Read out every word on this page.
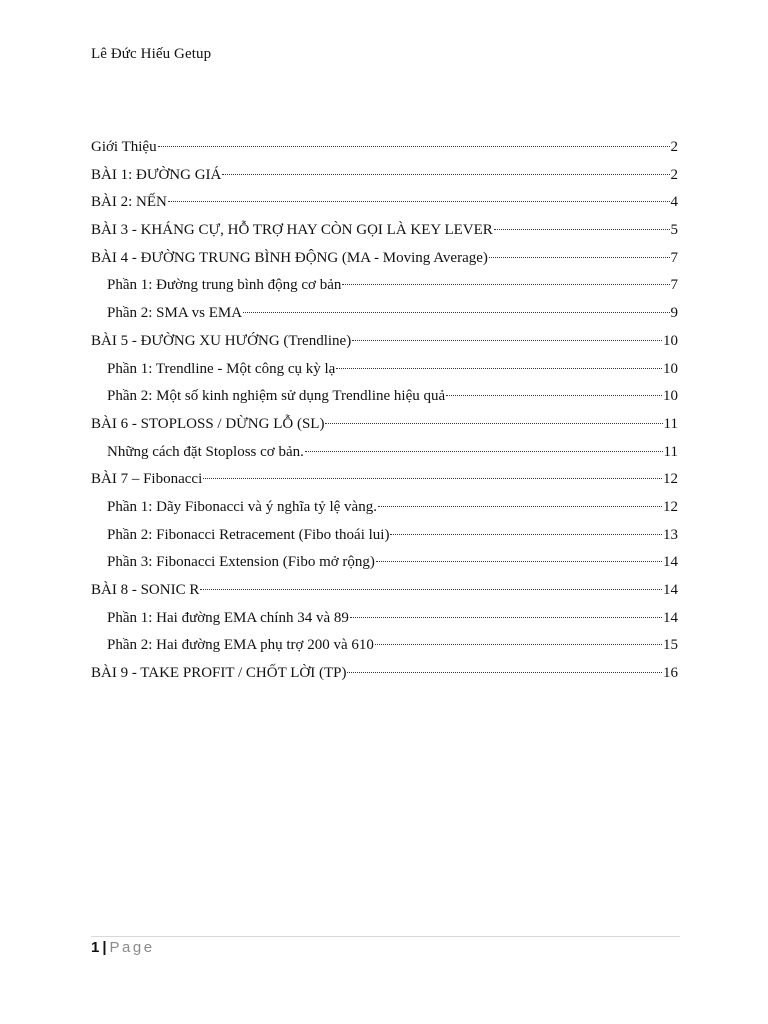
Lê Đức Hiếu Getup
Giới Thiệu	2
BÀI 1: ĐƯỜNG GIÁ	2
BÀI 2: NẾN	4
BÀI 3 - KHÁNG CỰ, HỖ TRỢ HAY CÒN GỌI LÀ KEY LEVER	5
BÀI 4 - ĐƯỜNG TRUNG BÌNH ĐỘNG (MA - Moving Average)	7
Phần 1: Đường trung bình động cơ bản	7
Phần 2: SMA vs EMA	9
BÀI 5 - ĐƯỜNG XU HƯỚNG (Trendline)	10
Phần 1: Trendline - Một công cụ kỳ lạ	10
Phần 2: Một số kinh nghiệm sử dụng Trendline hiệu quả	10
BÀI 6 - STOPLOSS / DỪNG LỖ (SL)	11
Những cách đặt Stoploss cơ bản.	11
BÀI 7 – Fibonacci	12
Phần 1: Dãy Fibonacci và ý nghĩa tỷ lệ vàng.	12
Phần 2: Fibonacci Retracement (Fibo thoái lui)	13
Phần 3: Fibonacci Extension (Fibo mở rộng)	14
BÀI 8 - SONIC R	14
Phần 1: Hai đường EMA chính 34 và 89	14
Phần 2: Hai đường EMA phụ trợ 200 và 610	15
BÀI 9 - TAKE PROFIT / CHỐT LỜI (TP)	16
1 | Page
